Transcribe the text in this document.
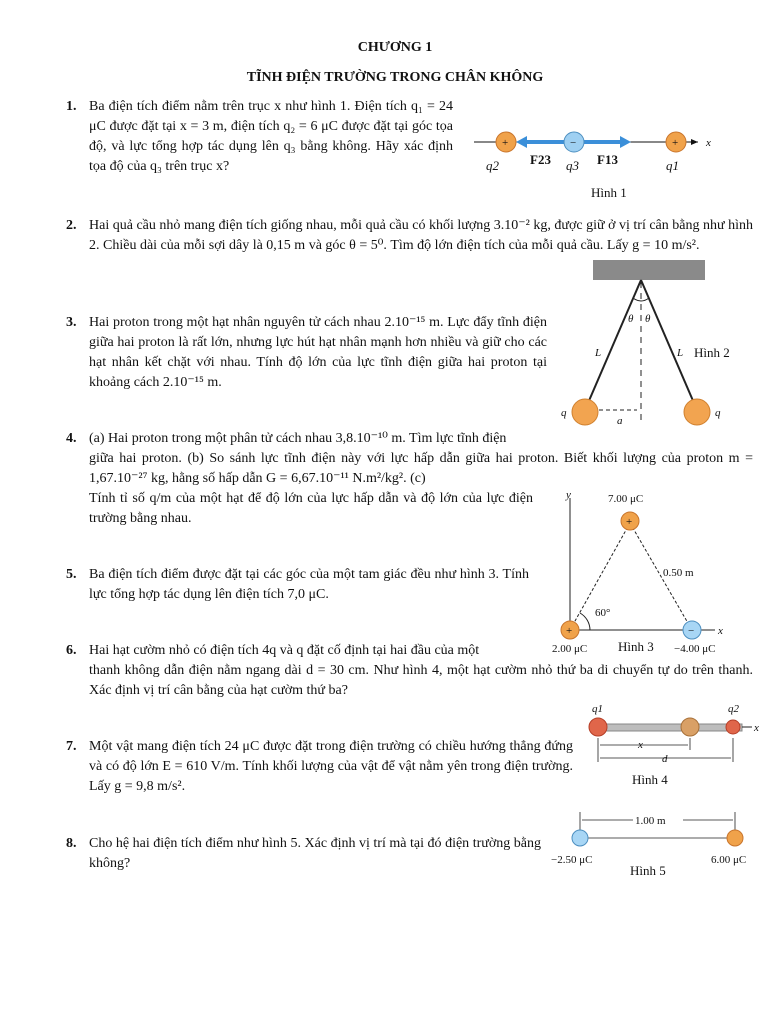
CHƯƠNG 1
TĨNH ĐIỆN TRƯỜNG TRONG CHÂN KHÔNG
1. Ba điện tích điểm nằm trên trục x như hình 1. Điện tích q₁ = 24 μC được đặt tại x = 3 m, điện tích q₂ = 6 μC được đặt tại góc tọa độ, và lực tổng hợp tác dụng lên q₃ bằng không. Hãy xác định tọa độ của q₃ trên trục x?
x
+	−	+
q2 F23 q3 F13	q1
Hình 1
2. Hai quả cầu nhỏ mang điện tích giống nhau, mỗi quả cầu có khối lượng 3.10⁻² kg, được giữ ở vị trí cân bằng như hình 2. Chiều dài của mỗi sợi dây là 0,15 m và góc θ = 5⁰. Tìm độ lớn điện tích của mỗi quả cầu. Lấy g = 10 m/s².
3. Hai proton trong một hạt nhân nguyên tử cách nhau 2.10⁻¹⁵ m. Lực đẩy tĩnh điện giữa hai proton là rất lớn, nhưng lực hút hạt nhân mạnh hơn nhiều và giữ cho các hạt nhân kết chặt với nhau. Tính độ lớn của lực tĩnh điện giữa hai proton tại khoảng cách 2.10⁻¹⁵ m.
θ θ
L	L
a
q	q
Hình 2
4. (a) Hai proton trong một phân tử cách nhau 3,8.10⁻¹⁰ m. Tìm lực tĩnh điện
giữa hai proton. (b) So sánh lực tĩnh điện này với lực hấp dẫn giữa hai proton. Biết khối lượng của proton m = 1,67.10⁻²⁷ kg, hằng số hấp dẫn G = 6,67.10⁻¹¹ N.m²/kg². (c)
Tính tỉ số q/m của một hạt để độ lớn của lực hấp dẫn và độ lớn của lực điện trường bằng nhau.
5. Ba điện tích điểm được đặt tại các góc của một tam giác đều như hình 3. Tính lực tổng hợp tác dụng lên điện tích 7,0 μC.
y
x
60°
+
+	−
7.00 μC
0.50 m
2.00 μC	−4.00 μC
Hình 3
6. Hai hạt cườm nhỏ có điện tích 4q và q đặt cố định tại hai đầu của một
thanh không dẫn điện nằm ngang dài d = 30 cm. Như hình 4, một hạt cườm nhỏ thứ ba di chuyển tự do trên thanh. Xác định vị trí cân bằng của hạt cườm thứ ba?
q1	q2
x
x
d
Hình 4
7. Một vật mang điện tích 24 μC được đặt trong điện trường có chiều hướng thẳng đứng và có độ lớn E = 610 V/m. Tính khối lượng của vật để vật nằm yên trong điện trường. Lấy g = 9,8 m/s².
8. Cho hệ hai điện tích điểm như hình 5. Xác định vị trí mà tại đó điện trường bằng không?
1.00 m
−2.50 μC	6.00 μC
Hình 5
